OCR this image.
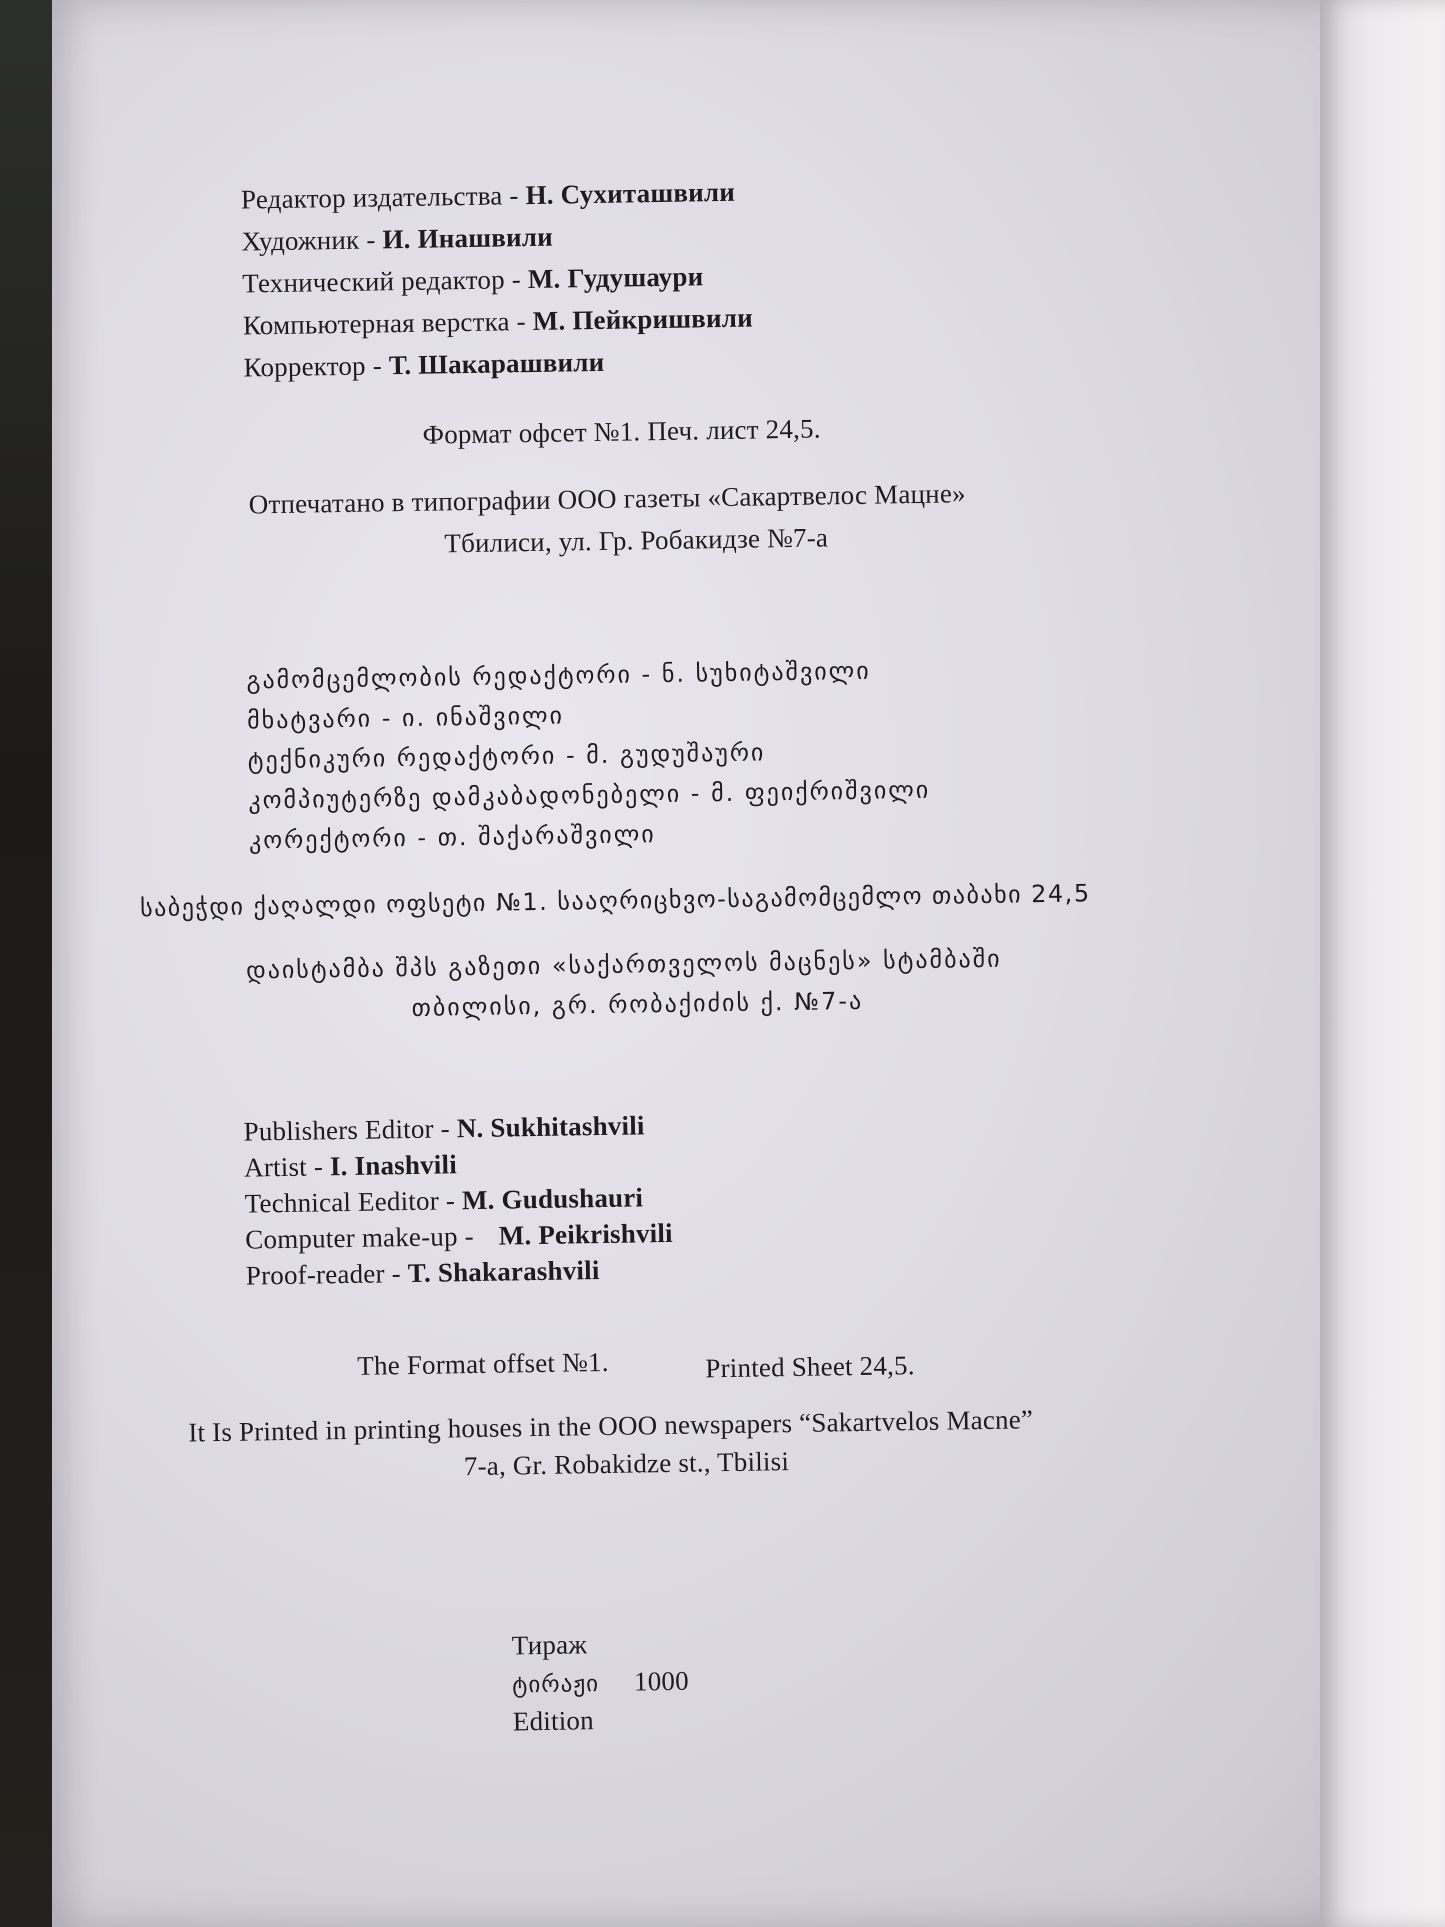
Редактор издательства - Н. Сухиташвили
Художник - И. Инашвили
Технический редактор - М. Гудушаури
Компьютерная верстка - М. Пейкришвили
Корректор - Т. Шакарашвили
Формат офсет №1. Печ. лист 24,5.
Отпечатано в типографии ООО газеты «Сакартвелос Мацне»
Тбилиси, ул. Гр. Робакидзе №7-а
გამომცემლობის რედაქტორი - ნ. სუხიტაშვილი
მხატვარი - ი. ინაშვილი
ტექნიკური რედაქტორი - მ. გუდუშაური
კომპიუტერზე დამკაბადონებელი - მ. ფეიქრიშვილი
კორექტორი - თ. შაქარაშვილი
საბეჭდი ქაღალდი ოფსეტი №1. სააღრიცხვო-საგამომცემლო თაბახი 24,5
დაისტამბა შპს გაზეთი «საქართველოს მაცნეს» სტამბაში
თბილისი, გრ. რობაქიძის ქ. №7-ა
Publishers Editor - N. Sukhitashvili
Artist - I. Inashvili
Technical Eeditor - M. Gudushauri
Computer make-up - M. Peikrishvili
Proof-reader - T. Shakarashvili
The Format offset №1.	Printed Sheet 24,5.
It Is Printed in printing houses in the OOO newspapers “Sakartvelos Macne”
7-a, Gr. Robakidze st., Tbilisi
Тираж
ტირაჟი 1000
Edition
